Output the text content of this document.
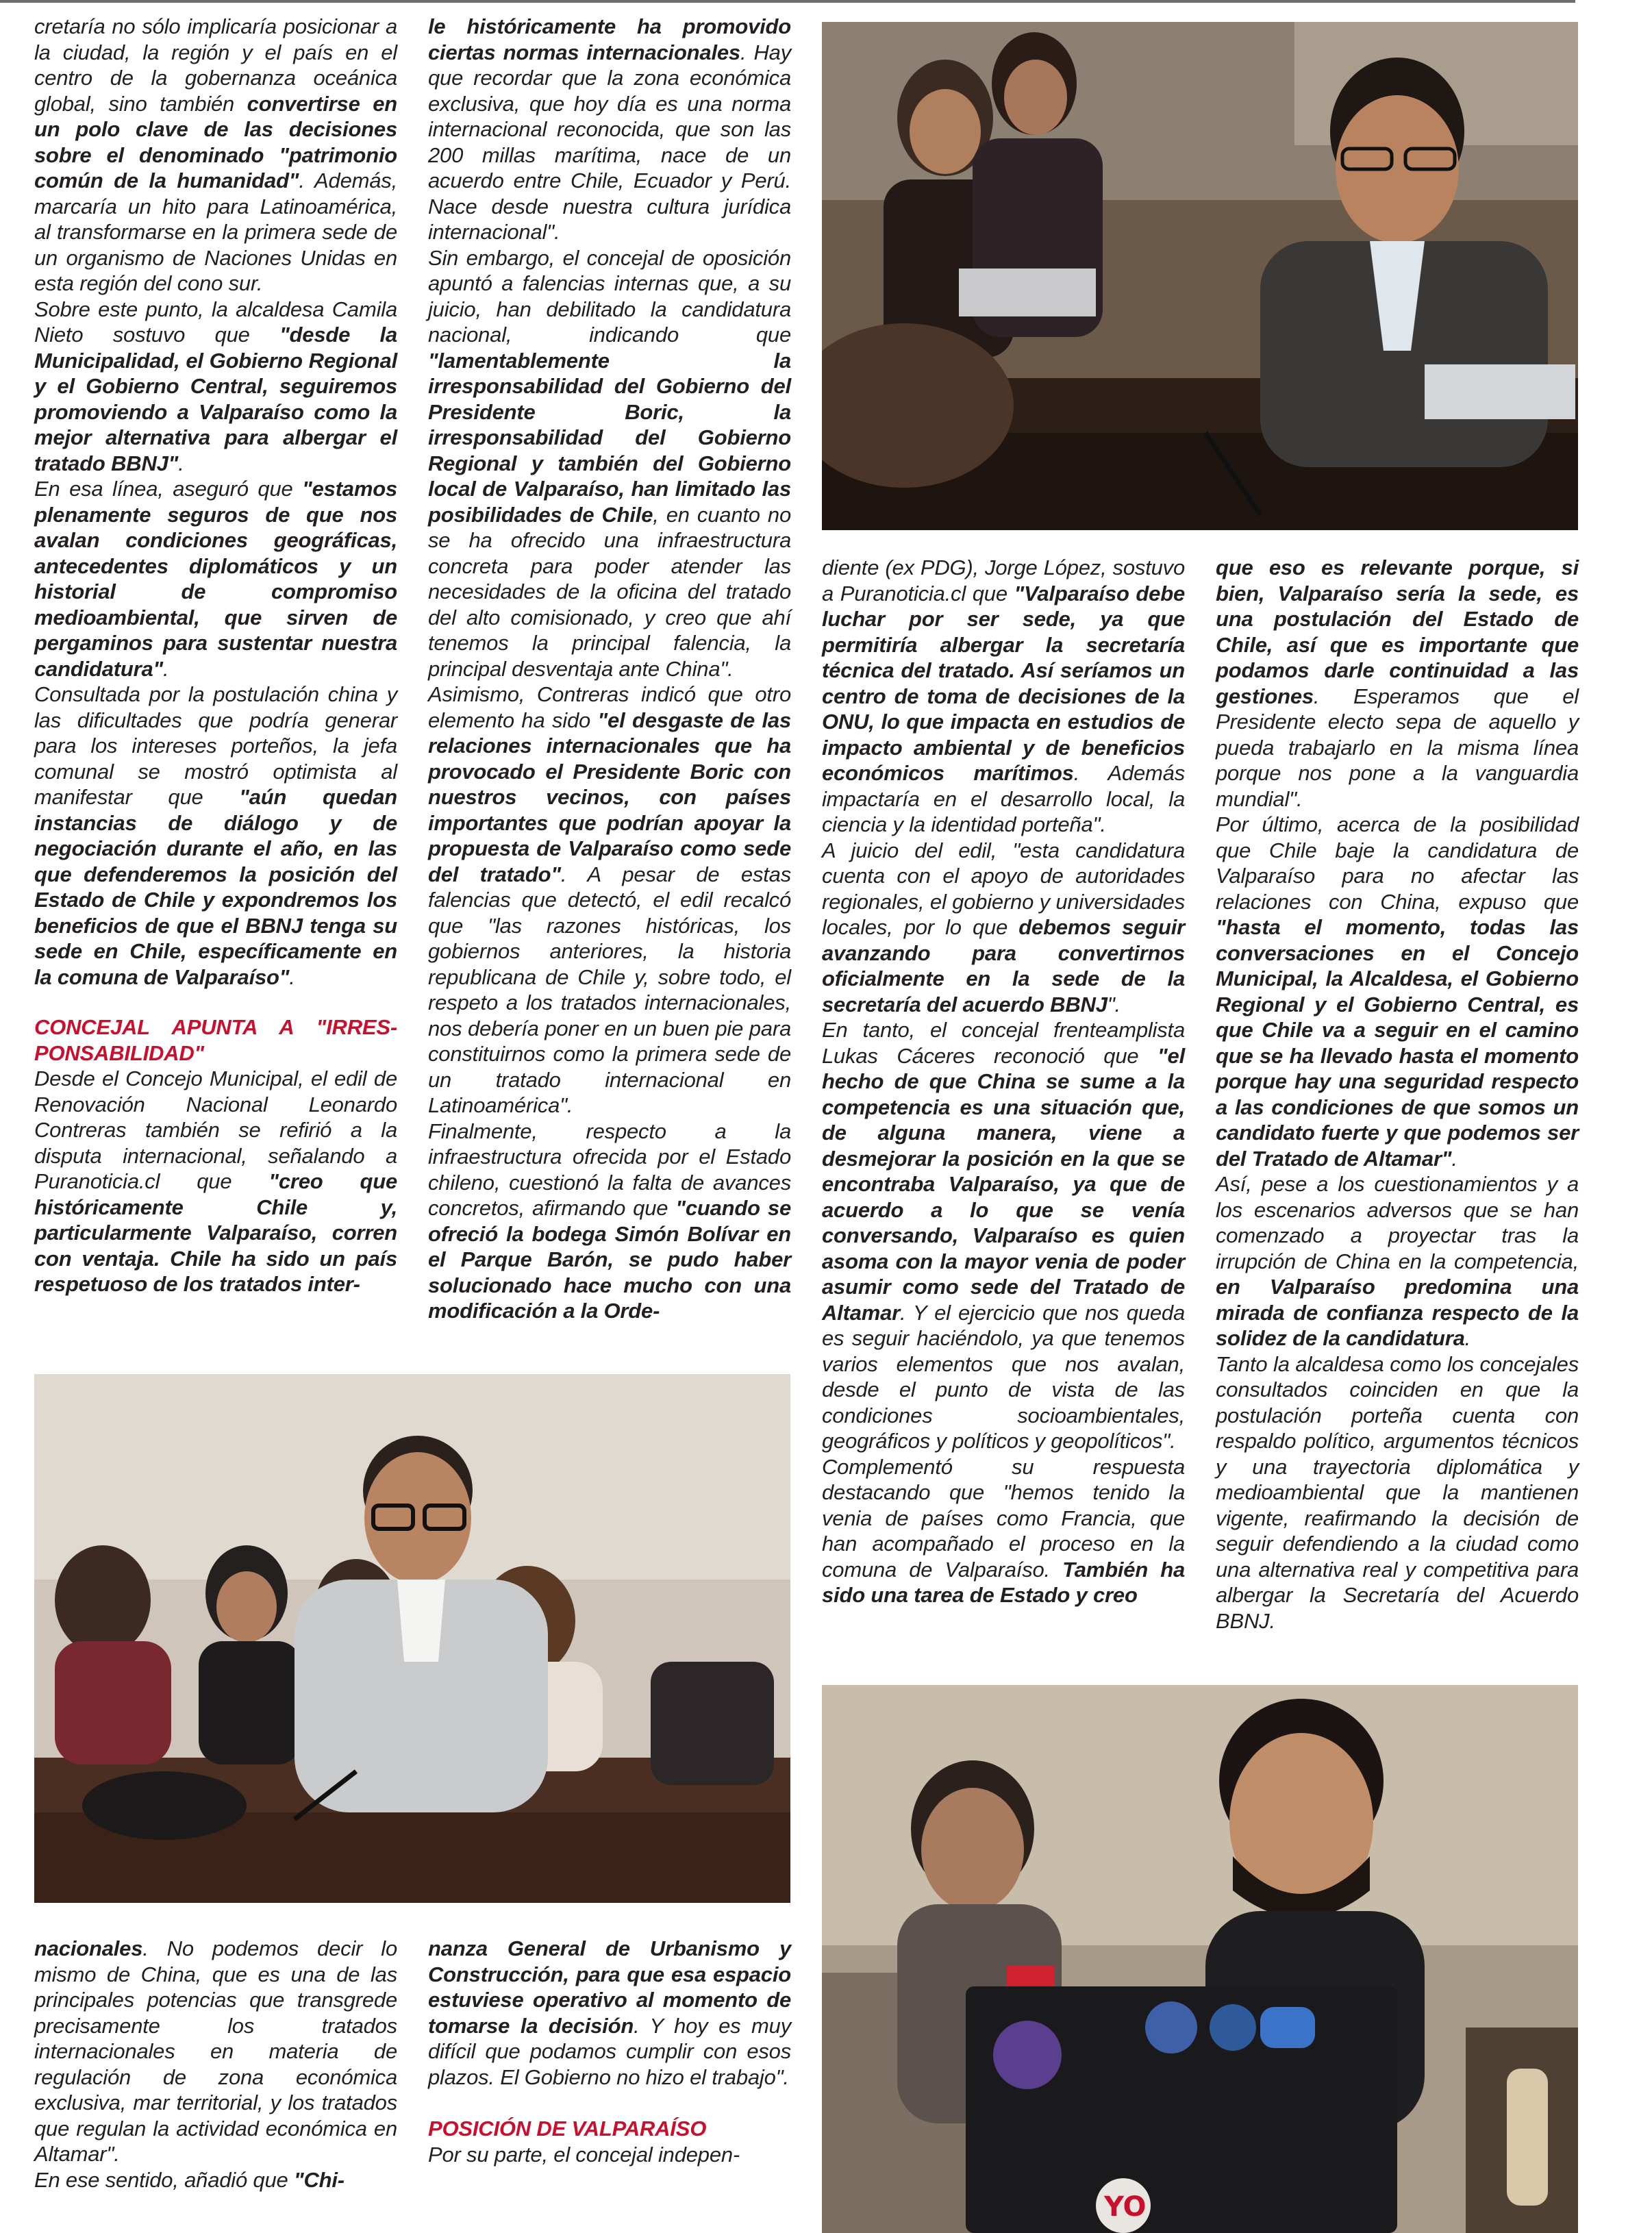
cretaría no sólo implicaría posicionar a la ciudad, la región y el país en el centro de la gobernanza oceánica global, sino también convertirse en un polo clave de las decisiones sobre el denominado "patrimonio común de la humanidad". Además, marcaría un hito para Latinoamérica, al transformarse en la primera sede de un organismo de Naciones Unidas en esta región del cono sur.

Sobre este punto, la alcaldesa Camila Nieto sostuvo que "desde la Municipalidad, el Gobierno Regional y el Gobierno Central, seguiremos promoviendo a Valparaíso como la mejor alternativa para albergar el tratado BBNJ".

En esa línea, aseguró que "estamos plenamente seguros de que nos avalan condiciones geográficas, antecedentes diplomáticos y un historial de compromiso medioambiental, que sirven de pergaminos para sustentar nuestra candidatura".

Consultada por la postulación china y las dificultades que podría generar para los intereses porteños, la jefa comunal se mostró optimista al manifestar que "aún quedan instancias de diálogo y de negociación durante el año, en las que defenderemos la posición del Estado de Chile y expondremos los beneficios de que el BBNJ tenga su sede en Chile, específicamente en la comuna de Valparaíso".

CONCEJAL APUNTA A "IRRES-PONSABILIDAD"

Desde el Concejo Municipal, el edil de Renovación Nacional Leonardo Contreras también se refirió a la disputa internacional, señalando a Puranoticia.cl que "creo que históricamente Chile y, particularmente Valparaíso, corren con ventaja. Chile ha sido un país respetuoso de los tratados inter-

le históricamente ha promovido ciertas normas internacionales. Hay que recordar que la zona económica exclusiva, que hoy día es una norma internacional reconocida, que son las 200 millas marítima, nace de un acuerdo entre Chile, Ecuador y Perú. Nace desde nuestra cultura jurídica internacional".

Sin embargo, el concejal de oposición apuntó a falencias internas que, a su juicio, han debilitado la candidatura nacional, indicando que "lamentablemente la irresponsabilidad del Gobierno del Presidente Boric, la irresponsabilidad del Gobierno Regional y también del Gobierno local de Valparaíso, han limitado las posibilidades de Chile, en cuanto no se ha ofrecido una infraestructura concreta para poder atender las necesidades de la oficina del tratado del alto comisionado, y creo que ahí tenemos la principal falencia, la principal desventaja ante China".

Asimismo, Contreras indicó que otro elemento ha sido "el desgaste de las relaciones internacionales que ha provocado el Presidente Boric con nuestros vecinos, con países importantes que podrían apoyar la propuesta de Valparaíso como sede del tratado". A pesar de estas falencias que detectó, el edil recalcó que "las razones históricas, los gobiernos anteriores, la historia republicana de Chile y, sobre todo, el respeto a los tratados internacionales, nos debería poner en un buen pie para constituirnos como la primera sede de un tratado internacional en Latinoamérica".

Finalmente, respecto a la infraestructura ofrecida por el Estado chileno, cuestionó la falta de avances concretos, afirmando que "cuando se ofreció la bodega Simón Bolívar en el Parque Barón, se pudo haber solucionado hace mucho con una modificación a la Orde-

diente (ex PDG), Jorge López, sostuvo a Puranoticia.cl que "Valparaíso debe luchar por ser sede, ya que permitiría albergar la secretaría técnica del tratado. Así seríamos un centro de toma de decisiones de la ONU, lo que impacta en estudios de impacto ambiental y de beneficios económicos marítimos. Además impactaría en el desarrollo local, la ciencia y la identidad porteña".

A juicio del edil, "esta candidatura cuenta con el apoyo de autoridades regionales, el gobierno y universidades locales, por lo que debemos seguir avanzando para convertirnos oficialmente en la sede de la secretaría del acuerdo BBNJ".

En tanto, el concejal frenteamplista Lukas Cáceres reconoció que "el hecho de que China se sume a la competencia es una situación que, de alguna manera, viene a desmejorar la posición en la que se encontraba Valparaíso, ya que de acuerdo a lo que se venía conversando, Valparaíso es quien asoma con la mayor venia de poder asumir como sede del Tratado de Altamar. Y el ejercicio que nos queda es seguir haciéndolo, ya que tenemos varios elementos que nos avalan, desde el punto de vista de las condiciones socioambientales, geográficos y políticos y geopolíticos".

Complementó su respuesta destacando que "hemos tenido la venia de países como Francia, que han acompañado el proceso en la comuna de Valparaíso. También ha sido una tarea de Estado y creo

que eso es relevante porque, si bien, Valparaíso sería la sede, es una postulación del Estado de Chile, así que es importante que podamos darle continuidad a las gestiones. Esperamos que el Presidente electo sepa de aquello y pueda trabajarlo en la misma línea porque nos pone a la vanguardia mundial".

Por último, acerca de la posibilidad que Chile baje la candidatura de Valparaíso para no afectar las relaciones con China, expuso que "hasta el momento, todas las conversaciones en el Concejo Municipal, la Alcaldesa, el Gobierno Regional y el Gobierno Central, es que Chile va a seguir en el camino que se ha llevado hasta el momento porque hay una seguridad respecto a las condiciones de que somos un candidato fuerte y que podemos ser del Tratado de Altamar".

Así, pese a los cuestionamientos y a los escenarios adversos que se han comenzado a proyectar tras la irrupción de China en la competencia, en Valparaíso predomina una mirada de confianza respecto de la solidez de la candidatura.

Tanto la alcaldesa como los concejales consultados coinciden en que la postulación porteña cuenta con respaldo político, argumentos técnicos y una trayectoria diplomática y medioambiental que la mantienen vigente, reafirmando la decisión de seguir defendiendo a la ciudad como una alternativa real y competitiva para albergar la Secretaría del Acuerdo BBNJ.

nacionales. No podemos decir lo mismo de China, que es una de las principales potencias que transgrede precisamente los tratados internacionales en materia de regulación de zona económica exclusiva, mar territorial, y los tratados que regulan la actividad económica en Altamar".

En ese sentido, añadió que "Chi-

nanza General de Urbanismo y Construcción, para que esa espacio estuviese operativo al momento de tomarse la decisión. Y hoy es muy difícil que podamos cumplir con esos plazos. El Gobierno no hizo el trabajo".

POSICIÓN DE VALPARAÍSO

Por su parte, el concejal indepen-

YO
